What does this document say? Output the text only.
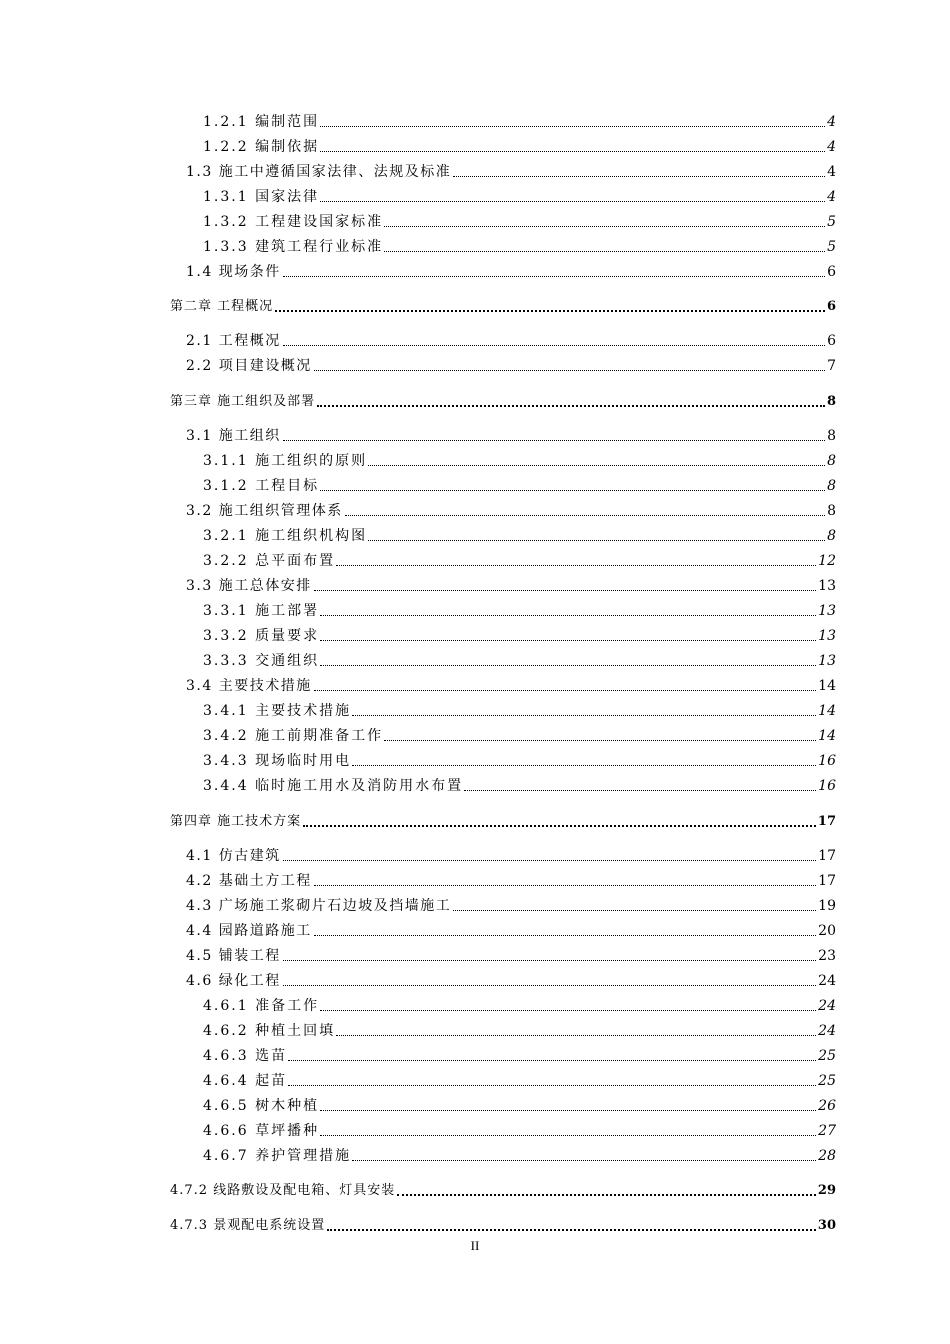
1.2.1 编制范围	4
1.2.2 编制依据	4
1.3 施工中遵循国家法律、法规及标准	4
1.3.1 国家法律	4
1.3.2 工程建设国家标准	5
1.3.3 建筑工程行业标准	5
1.4 现场条件	6
第二章 工程概况	6
2.1 工程概况	6
2.2 项目建设概况	7
第三章 施工组织及部署	8
3.1 施工组织	8
3.1.1 施工组织的原则	8
3.1.2 工程目标	8
3.2 施工组织管理体系	8
3.2.1 施工组织机构图	8
3.2.2 总平面布置	12
3.3 施工总体安排	13
3.3.1 施工部署	13
3.3.2 质量要求	13
3.3.3 交通组织	13
3.4 主要技术措施	14
3.4.1 主要技术措施	14
3.4.2 施工前期准备工作	14
3.4.3 现场临时用电	16
3.4.4 临时施工用水及消防用水布置	16
第四章 施工技术方案	17
4.1 仿古建筑	17
4.2 基础土方工程	17
4.3 广场施工浆砌片石边坡及挡墙施工	19
4.4 园路道路施工	20
4.5 铺装工程	23
4.6 绿化工程	24
4.6.1 准备工作	24
4.6.2 种植土回填	24
4.6.3 选苗	25
4.6.4 起苗	25
4.6.5 树木种植	26
4.6.6 草坪播种	27
4.6.7 养护管理措施	28
4.7.2 线路敷设及配电箱、灯具安装	29
4.7.3 景观配电系统设置	30
II
